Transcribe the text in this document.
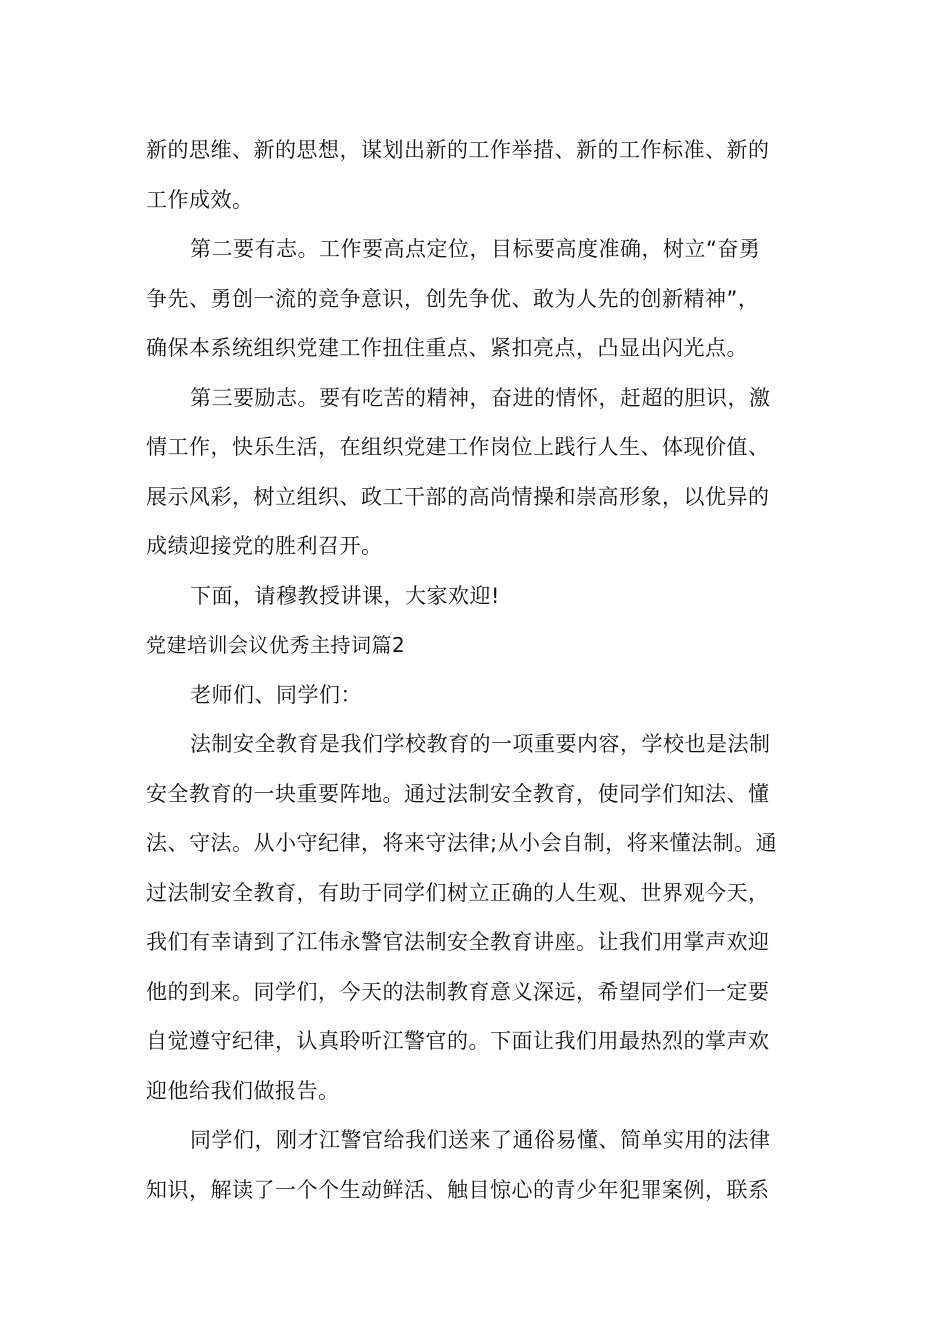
新的思维、新的思想，谋划出新的工作举措、新的工作标准、新的
工作成效。
第二要有志。工作要高点定位，目标要高度准确，树立“奋勇
争先、勇创一流的竞争意识，创先争优、敢为人先的创新精神”，
确保本系统组织党建工作扭住重点、紧扣亮点，凸显出闪光点。
第三要励志。要有吃苦的精神，奋进的情怀，赶超的胆识，激
情工作，快乐生活，在组织党建工作岗位上践行人生、体现价值、
展示风彩，树立组织、政工干部的高尚情操和崇高形象，以优异的
成绩迎接党的胜利召开。
下面，请穆教授讲课，大家欢迎!
党建培训会议优秀主持词篇2
老师们、同学们：
法制安全教育是我们学校教育的一项重要内容，学校也是法制
安全教育的一块重要阵地。通过法制安全教育，使同学们知法、懂
法、守法。从小守纪律，将来守法律;从小会自制，将来懂法制。通
过法制安全教育，有助于同学们树立正确的人生观、世界观今天，
我们有幸请到了江伟永警官法制安全教育讲座。让我们用掌声欢迎
他的到来。同学们，今天的法制教育意义深远，希望同学们一定要
自觉遵守纪律，认真聆听江警官的。下面让我们用最热烈的掌声欢
迎他给我们做报告。
同学们，刚才江警官给我们送来了通俗易懂、简单实用的法律
知识，解读了一个个生动鲜活、触目惊心的青少年犯罪案例，联系
